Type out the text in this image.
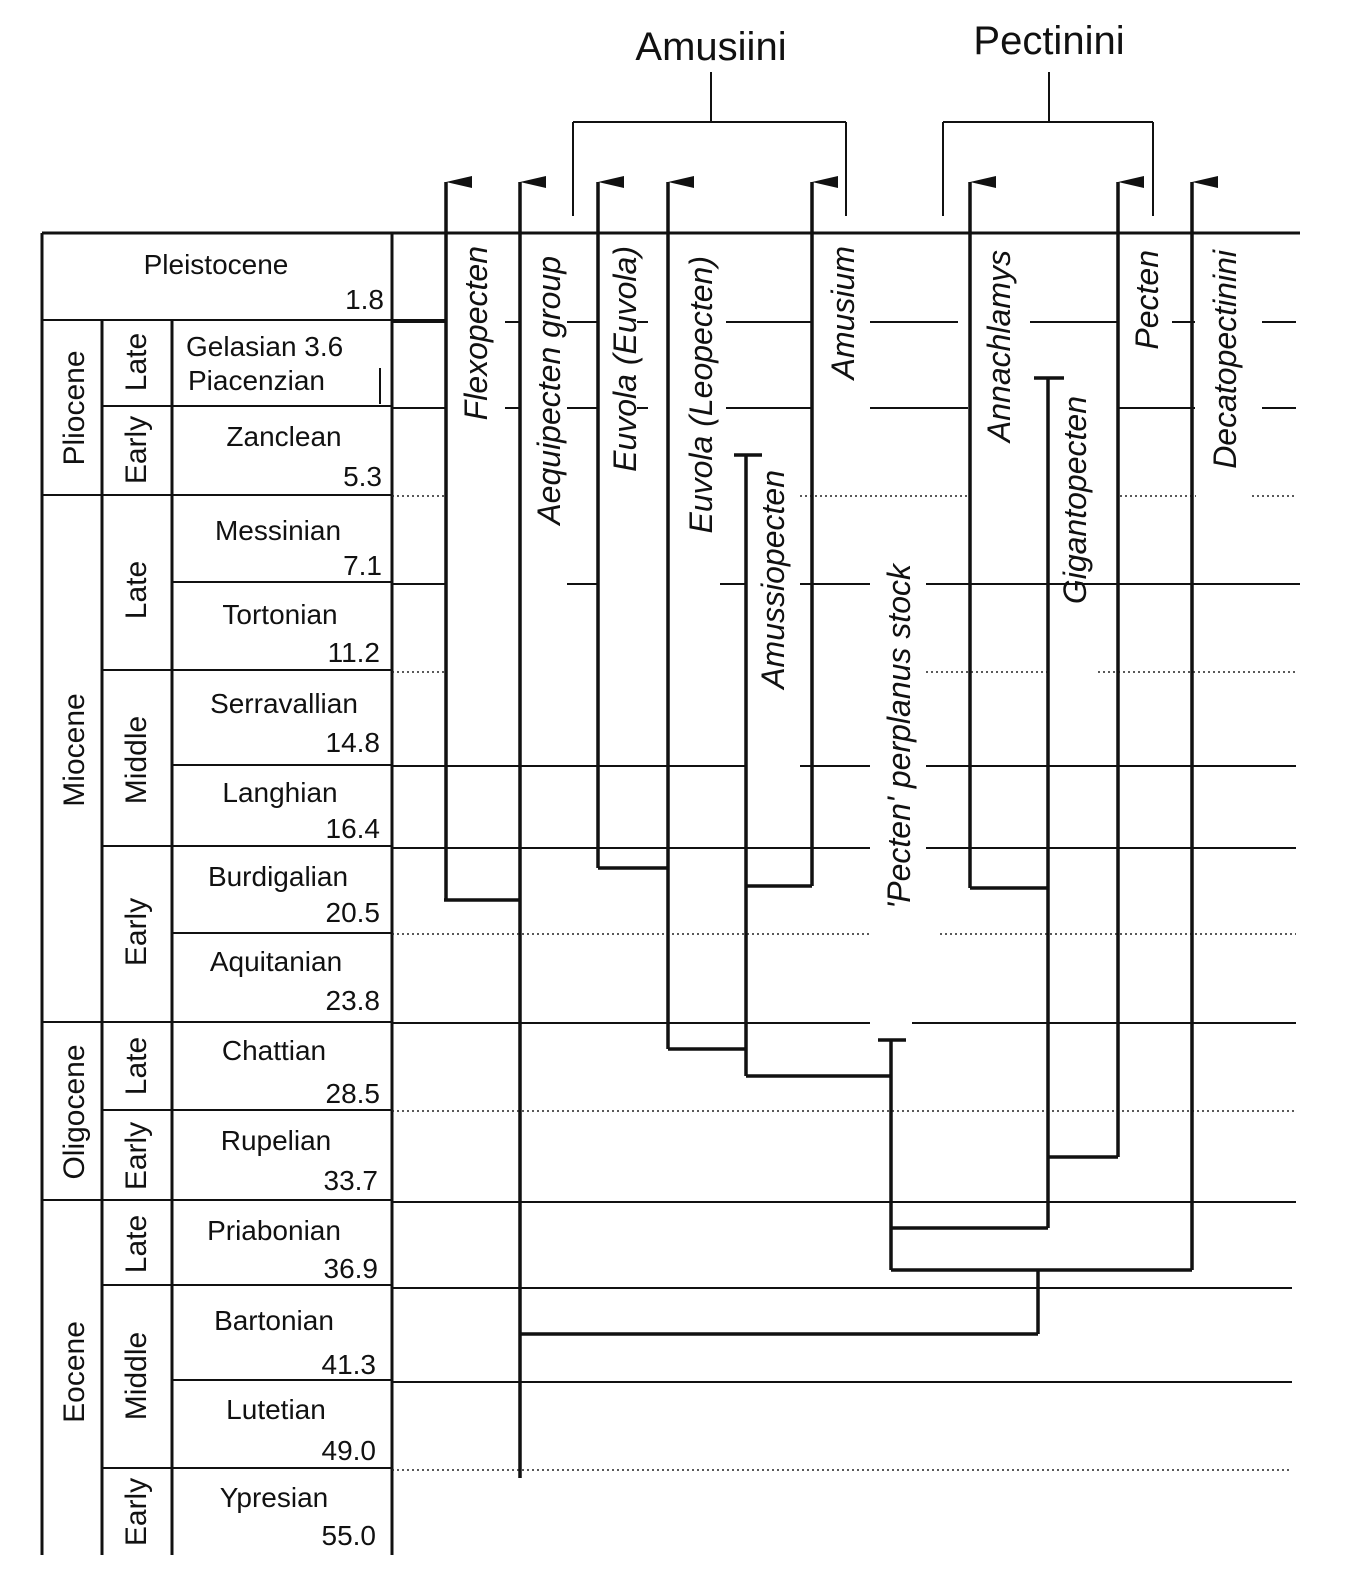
Pleistocene
1.8
Pliocene
Miocene
Oligocene
Eocene
Late
Early
Late
Middle
Early
Late
Early
Late
Middle
Early
Gelasian 3.6
Piacenzian
Zanclean
5.3
Messinian
7.1
Tortonian
11.2
Serravallian
14.8
Langhian
16.4
Burdigalian
20.5
Aquitanian
23.8
Chattian
28.5
Rupelian
33.7
Priabonian
36.9
Bartonian
41.3
Lutetian
49.0
Ypresian
55.0
Amusiini	Pectinini
Flexopecten Aequipecten group Euvola (Euvola) Euvola (Leopecten)
Amussiopecten
Amusium
'Pecten' perplanus stock
Annachlamys
Gigantopecten
Pecten Decatopectinini
